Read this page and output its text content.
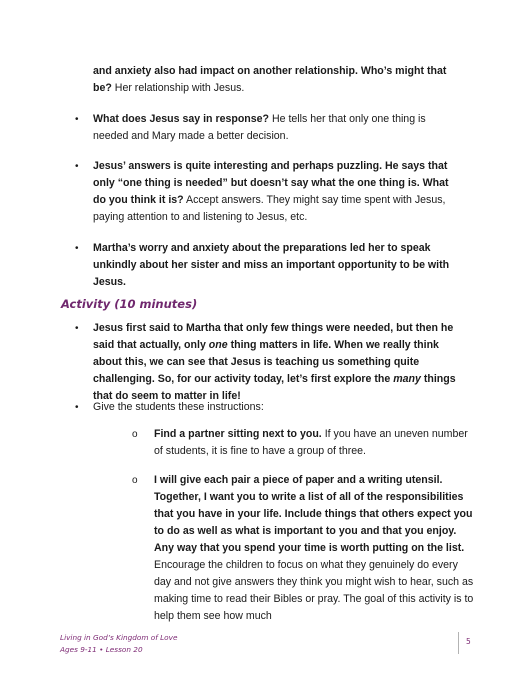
and anxiety also had impact on another relationship. Who’s might that be? Her relationship with Jesus.

• What does Jesus say in response? He tells her that only one thing is needed and Mary made a better decision.

• Jesus’ answers is quite interesting and perhaps puzzling. He says that only “one thing is needed” but doesn’t say what the one thing is. What do you think it is? Accept answers. They might say time spent with Jesus, paying attention to and listening to Jesus, etc.

• Martha’s worry and anxiety about the preparations led her to speak unkindly about her sister and miss an important opportunity to be with Jesus.

Activity (10 minutes)

• Jesus first said to Martha that only few things were needed, but then he said that actually, only one thing matters in life. When we really think about this, we can see that Jesus is teaching us something quite challenging. So, for our activity today, let’s first explore the many things that do seem to matter in life!

• Give the students these instructions:

o Find a partner sitting next to you. If you have an uneven number of students, it is fine to have a group of three.

o I will give each pair a piece of paper and a writing utensil. Together, I want you to write a list of all of the responsibilities that you have in your life. Include things that others expect you to do as well as what is important to you and that you enjoy. Any way that you spend your time is worth putting on the list. Encourage the children to focus on what they genuinely do every day and not give answers they think you might wish to hear, such as making time to read their Bibles or pray. The goal of this activity is to help them see how much

Living in God’s Kingdom of Love
Ages 9-11 • Lesson 20
5
